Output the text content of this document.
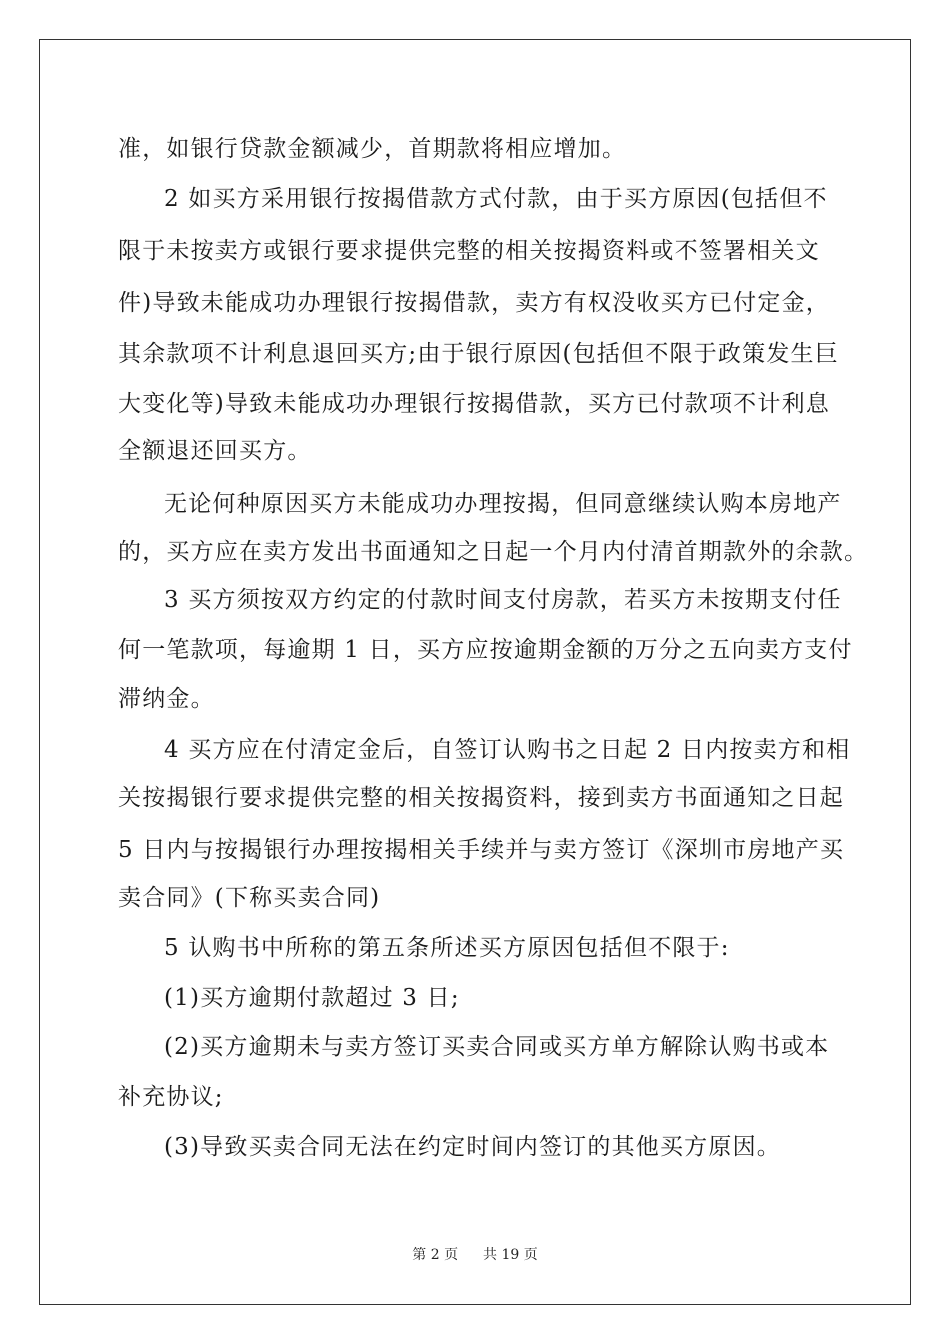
准，如银行贷款金额减少，首期款将相应增加。
2 如买方采用银行按揭借款方式付款，由于买方原因(包括但不
限于未按卖方或银行要求提供完整的相关按揭资料或不签署相关文
件)导致未能成功办理银行按揭借款，卖方有权没收买方已付定金，
其余款项不计利息退回买方;由于银行原因(包括但不限于政策发生巨
大变化等)导致未能成功办理银行按揭借款，买方已付款项不计利息
全额退还回买方。
无论何种原因买方未能成功办理按揭，但同意继续认购本房地产
的，买方应在卖方发出书面通知之日起一个月内付清首期款外的余款。
3 买方须按双方约定的付款时间支付房款，若买方未按期支付任
何一笔款项，每逾期 1 日，买方应按逾期金额的万分之五向卖方支付
滞纳金。
4 买方应在付清定金后，自签订认购书之日起 2 日内按卖方和相
关按揭银行要求提供完整的相关按揭资料，接到卖方书面通知之日起
5 日内与按揭银行办理按揭相关手续并与卖方签订《深圳市房地产买
卖合同》(下称买卖合同)
5 认购书中所称的第五条所述买方原因包括但不限于:
(1)买方逾期付款超过 3 日;
(2)买方逾期未与卖方签订买卖合同或买方单方解除认购书或本
补充协议;
(3)导致买卖合同无法在约定时间内签订的其他买方原因。
第 2 页 共 19 页
